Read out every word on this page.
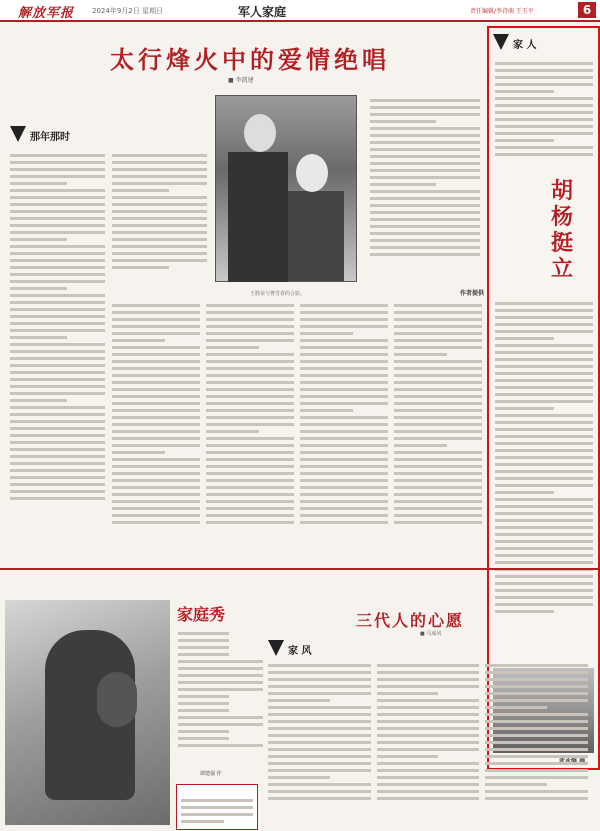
解放军报	2024年9月2日 星期日	军人家庭	责任编辑/李诗萌 王玉平	6
太行烽火中的爱情绝唱
■ 李凯建
那年那时
王胜荣与曹雪春的合影。	作者提供
家 人
胡杨挺立
家庭秀
谭建强 作
三代人的心愿
■ 马成风
家 风
